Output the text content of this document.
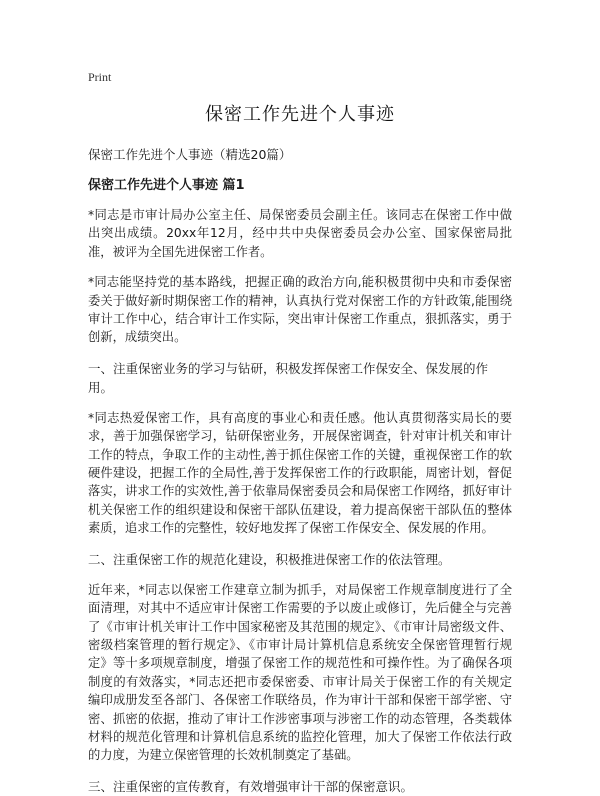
Print
保密工作先进个人事迹
保密工作先进个人事迹（精选20篇）
保密工作先进个人事迹 篇1

*同志是市审计局办公室主任、局保密委员会副主任。该同志在保密工作中做出突出成绩。20xx年12月，经中共中央保密委员会办公室、国家保密局批准，被评为全国先进保密工作者。

*同志能坚持党的基本路线，把握正确的政治方向,能积极贯彻中央和市委保密委关于做好新时期保密工作的精神，认真执行党对保密工作的方针政策,能围绕审计工作中心，结合审计工作实际，突出审计保密工作重点，狠抓落实，勇于创新，成绩突出。

一、注重保密业务的学习与钻研，积极发挥保密工作保安全、保发展的作用。

*同志热爱保密工作，具有高度的事业心和责任感。他认真贯彻落实局长的要求，善于加强保密学习，钻研保密业务，开展保密调查，针对审计机关和审计工作的特点，争取工作的主动性,善于抓住保密工作的关键，重视保密工作的软硬件建设，把握工作的全局性,善于发挥保密工作的行政职能，周密计划，督促落实，讲求工作的实效性,善于依靠局保密委员会和局保密工作网络，抓好审计机关保密工作的组织建设和保密干部队伍建设，着力提高保密干部队伍的整体素质，追求工作的完整性，较好地发挥了保密工作保安全、保发展的作用。

二、注重保密工作的规范化建设，积极推进保密工作的依法管理。

近年来，*同志以保密工作建章立制为抓手，对局保密工作规章制度进行了全面清理，对其中不适应审计保密工作需要的予以废止或修订，先后健全与完善了《市审计机关审计工作中国家秘密及其范围的规定》、《市审计局密级文件、密级档案管理的暂行规定》、《市审计局计算机信息系统安全保密管理暂行规定》等十多项规章制度，增强了保密工作的规范性和可操作性。为了确保各项制度的有效落实，*同志还把市委保密委、市审计局关于保密工作的有关规定编印成册发至各部门、各保密工作联络员，作为审计干部和保密干部学密、守密、抓密的依据，推动了审计工作涉密事项与涉密工作的动态管理，各类载体材料的规范化管理和计算机信息系统的监控化管理，加大了保密工作依法行政的力度，为建立保密管理的长效机制奠定了基础。

三、注重保密的宣传教育，有效增强审计干部的保密意识。
